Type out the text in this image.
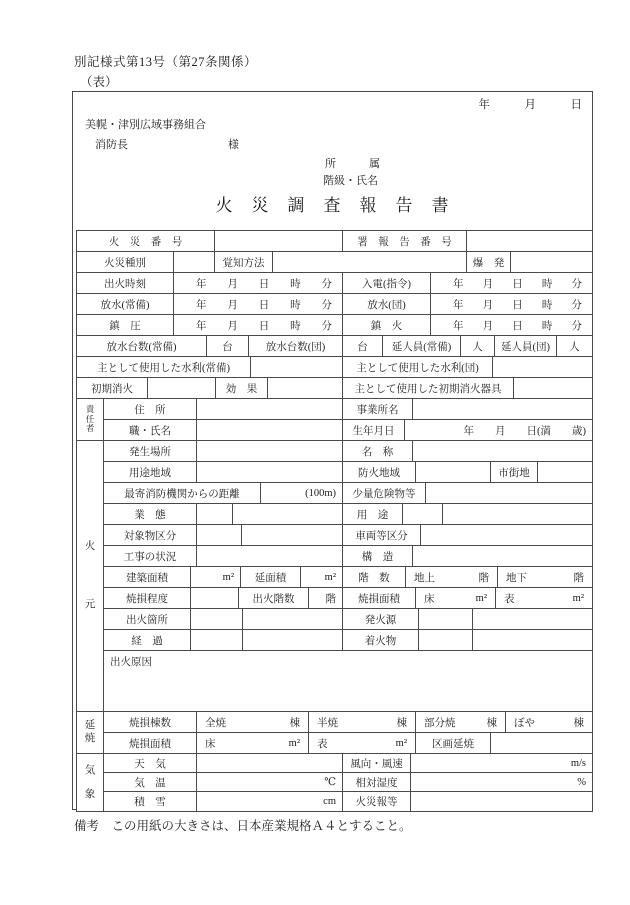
別記様式第13号（第27条関係）
（表）
年　　　月　　　日
美幌・津別広域事務組合
消防長	様
所　　　属
階級・氏名
火　災　調　査　報　告　書
火　災　番　号	署　報　告　番　号
火災種別	覚知方法	爆　発
出火時刻	年 月 日 時 分	入電(指令)	年 月 日 時 分
放水(常備)	年 月 日 時 分	放水(団)	年 月 日 時 分
鎮　圧	年 月 日 時 分	鎮　火	年 月 日 時 分
放水台数(常備)	台	放水台数(団)	台	延人員(常備)	人	延人員(団)	人
主として使用した水利(常備)	主として使用した水利(団)
初期消火	効　果	主として使用した初期消火器具
責
任
者
住　所	事業所名
職・氏名	生年月日	年　　月　　日(満　　歳)
火
元
発生場所	名　称
用途地域	防火地域	市街地
最寄消防機関からの距離	(100m)	少量危険物等
業　態	用　途
対象物区分	車両等区分
工事の状況	構　造
建築面積	m²	延面積	m²	階　数	地上	階 地下	階
焼損程度	出火階数	階	焼損面積	床	m² 表	m²
出火箇所	発火源
経　過	着火物
出火原因
延
焼
焼損棟数	全焼	棟 半焼	棟 部分焼	棟 ぼや	棟
焼損面積	床	m² 表	m²	区画延焼
気
象
天　気	風向・風速	m/s
気　温	℃	相対湿度	%
積　雪	cm	火災報等
備考　この用紙の大きさは、日本産業規格Ａ４とすること。
